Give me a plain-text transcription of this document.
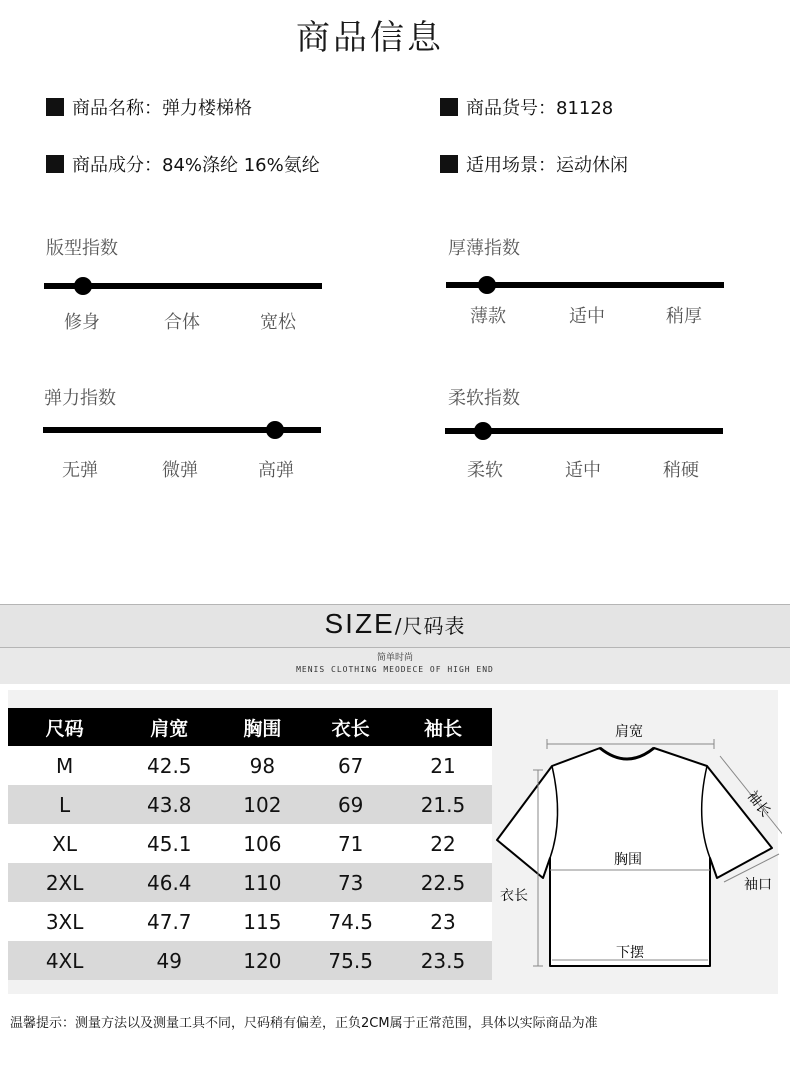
商品信息
商品名称：弹力楼梯格	商品货号：81128
商品成分：84%涤纶 16%氨纶	适用场景：运动休闲
版型指数
修身	合体	宽松
厚薄指数
薄款	适中	稍厚
弹力指数
无弹	微弹	高弹
柔软指数
柔软	适中	稍硬
SIZE/尺码表
简单时尚
MENIS CLOTHING MEODECE OF HIGH END
尺码	肩宽	胸围	衣长	袖长
M	42.5	98	67	21
L	43.8	102	69	21.5
XL	45.1	106	71	22
2XL	46.4	110	73	22.5
3XL	47.7	115	74.5	23
4XL	49	120	75.5	23.5
肩宽
袖长
胸围
袖口
衣长
下摆
温馨提示：测量方法以及测量工具不同，尺码稍有偏差，正负2CM属于正常范围，具体以实际商品为准
